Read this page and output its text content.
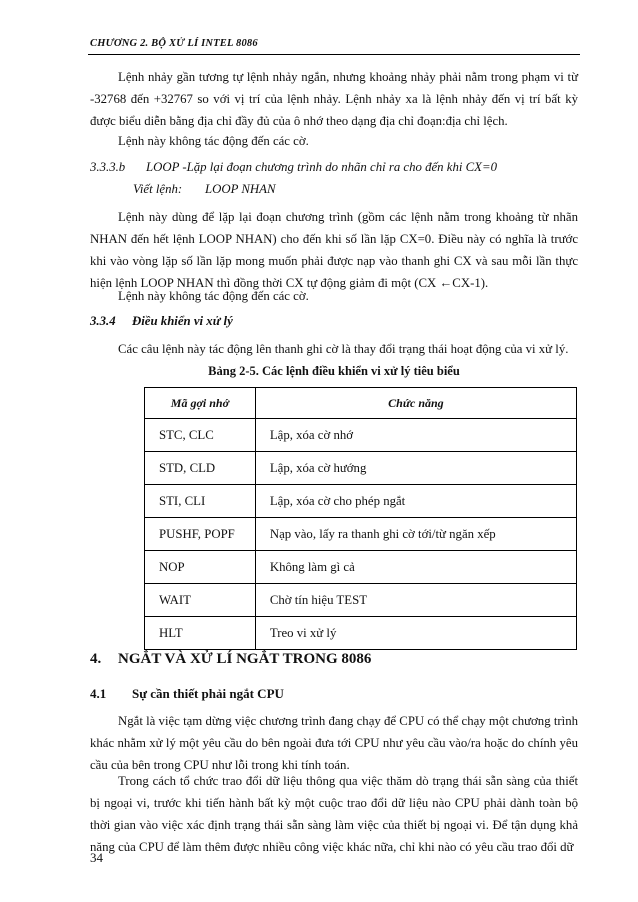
CHƯƠNG 2. BỘ XỬ LÍ INTEL 8086
Lệnh nhảy gần tương tự lệnh nhảy ngắn, nhưng khoảng nhảy phải nằm trong phạm vi từ -32768 đến +32767 so với vị trí của lệnh nhảy. Lệnh nhảy xa là lệnh nhảy đến vị trí bất kỳ được biểu diễn bằng địa chỉ đầy đủ của ô nhớ theo dạng địa chỉ đoạn:địa chỉ lệch.
Lệnh này không tác động đến các cờ.
3.3.3.b LOOP -Lặp lại đoạn chương trình do nhãn chỉ ra cho đến khi CX=0
Viết lệnh: LOOP NHAN
Lệnh này dùng để lặp lại đoạn chương trình (gồm các lệnh nằm trong khoảng từ nhãn NHAN đến hết lệnh LOOP NHAN) cho đến khi số lần lặp CX=0. Điều này có nghĩa là trước khi vào vòng lặp số lần lặp mong muốn phải được nạp vào thanh ghi CX và sau mỗi lần thực hiện lệnh LOOP NHAN thì đồng thời CX tự động giảm đi một (CX ←CX-1).
Lệnh này không tác động đến các cờ.
3.3.4 Điều khiển vi xử lý
Các câu lệnh này tác động lên thanh ghi cờ là thay đổi trạng thái hoạt động của vi xử lý.
Bảng 2-5. Các lệnh điều khiển vi xử lý tiêu biểu
Mã gợi nhớ	Chức năng
STC, CLC	Lập, xóa cờ nhớ
STD, CLD	Lập, xóa cờ hướng
STI, CLI	Lập, xóa cờ cho phép ngắt
PUSHF, POPF	Nạp vào, lấy ra thanh ghi cờ tới/từ ngăn xếp
NOP	Không làm gì cả
WAIT	Chờ tín hiệu TEST
HLT	Treo vi xử lý
4. NGẮT VÀ XỬ LÍ NGẮT TRONG 8086
4.1 Sự cần thiết phải ngắt CPU
Ngắt là việc tạm dừng việc chương trình đang chạy để CPU có thể chạy một chương trình khác nhằm xử lý một yêu cầu do bên ngoài đưa tới CPU như yêu cầu vào/ra hoặc do chính yêu cầu của bên trong CPU như lỗi trong khi tính toán.
Trong cách tổ chức trao đổi dữ liệu thông qua việc thăm dò trạng thái sẵn sàng của thiết bị ngoại vi, trước khi tiến hành bất kỳ một cuộc trao đổi dữ liệu nào CPU phải dành toàn bộ thời gian vào việc xác định trạng thái sẵn sàng làm việc của thiết bị ngoại vi. Để tận dụng khả năng của CPU để làm thêm được nhiều công việc khác nữa, chỉ khi nào có yêu cầu trao đổi dữ
34
